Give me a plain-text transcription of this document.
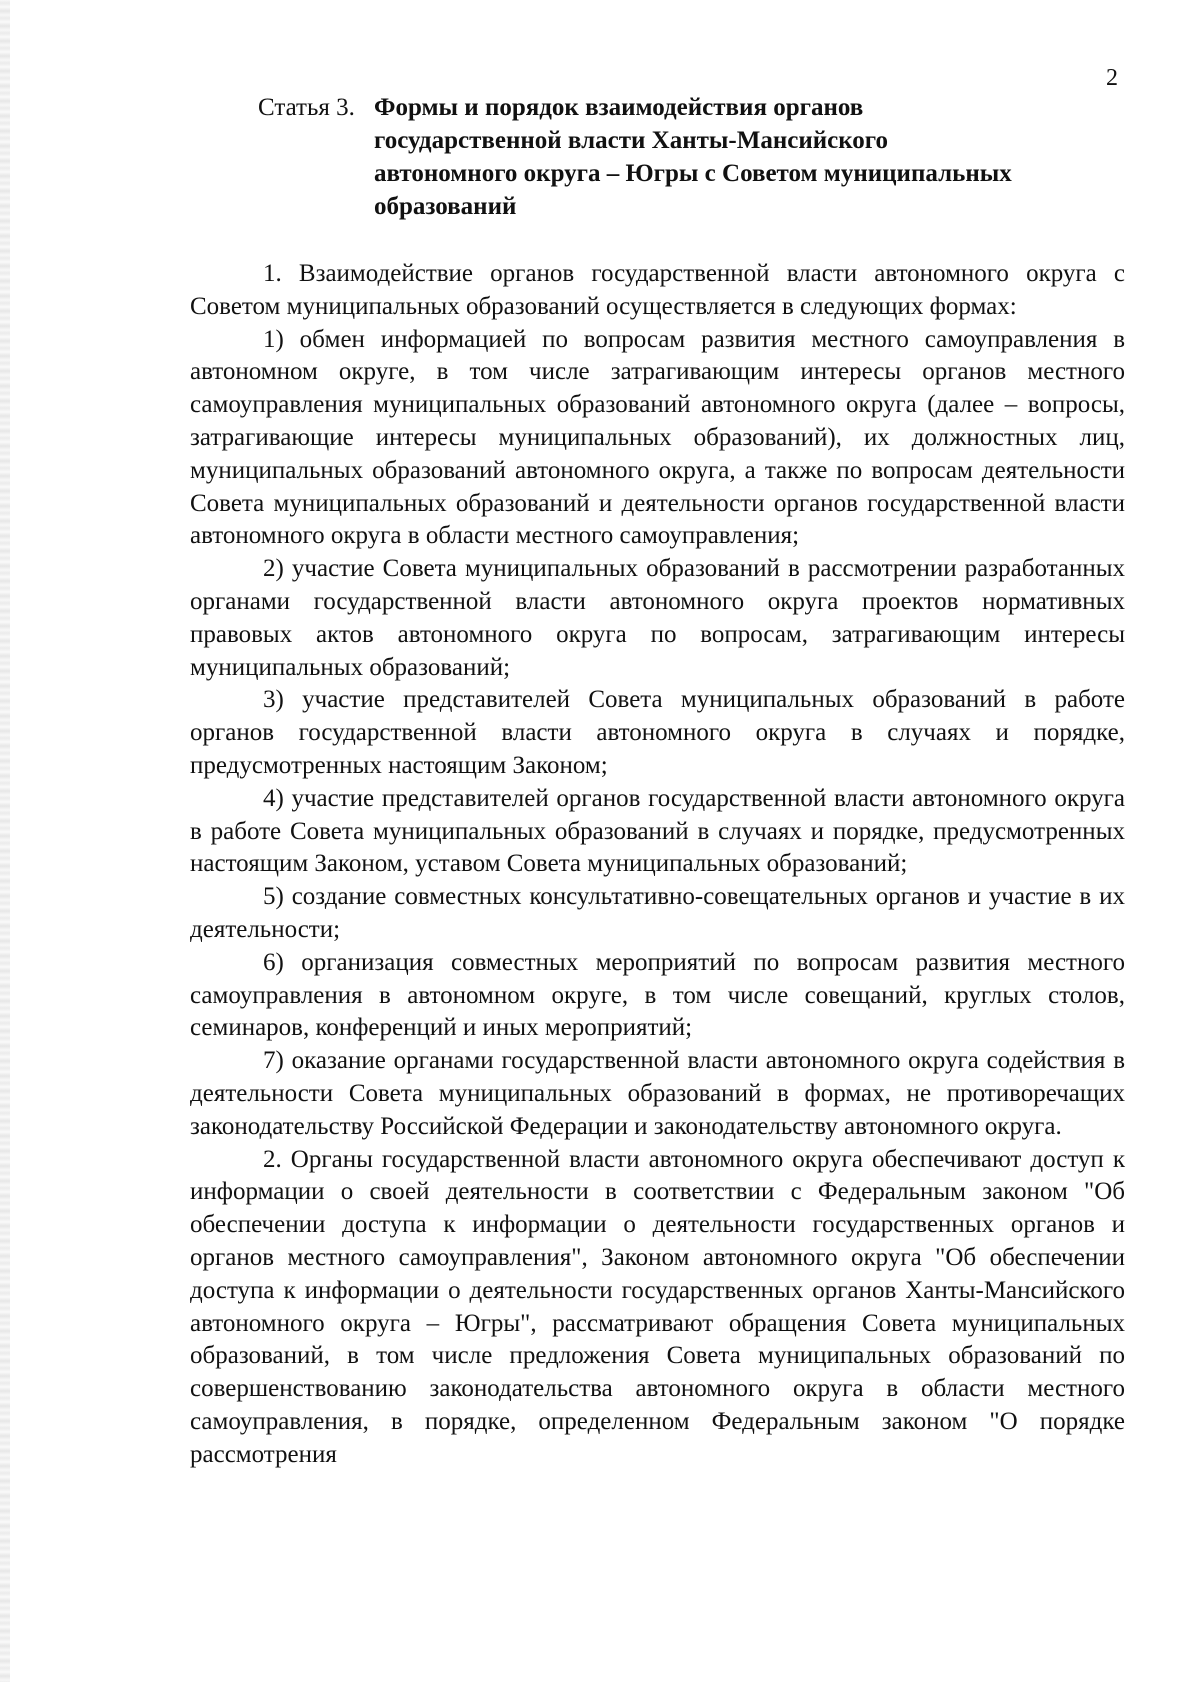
2
Статья 3. Формы и порядок взаимодействия органов
государственной власти Ханты-Мансийского
автономного округа – Югры с Советом муниципальных
образований

1. Взаимодействие органов государственной власти автономного округа с Советом муниципальных образований осуществляется в следующих формах:

1) обмен информацией по вопросам развития местного самоуправления в автономном округе, в том числе затрагивающим интересы органов местного самоуправления муниципальных образований автономного округа (далее – вопросы, затрагивающие интересы муниципальных образований), их должностных лиц, муниципальных образований автономного округа, а также по вопросам деятельности Совета муниципальных образований и деятельности органов государственной власти автономного округа в области местного самоуправления;

2) участие Совета муниципальных образований в рассмотрении разработанных органами государственной власти автономного округа проектов нормативных правовых актов автономного округа по вопросам, затрагивающим интересы муниципальных образований;

3) участие представителей Совета муниципальных образований в работе органов государственной власти автономного округа в случаях и порядке, предусмотренных настоящим Законом;

4) участие представителей органов государственной власти автономного округа в работе Совета муниципальных образований в случаях и порядке, предусмотренных настоящим Законом, уставом Совета муниципальных образований;

5) создание совместных консультативно-совещательных органов и участие в их деятельности;

6) организация совместных мероприятий по вопросам развития местного самоуправления в автономном округе, в том числе совещаний, круглых столов, семинаров, конференций и иных мероприятий;

7) оказание органами государственной власти автономного округа содействия в деятельности Совета муниципальных образований в формах, не противоречащих законодательству Российской Федерации и законодательству автономного округа.

2. Органы государственной власти автономного округа обеспечивают доступ к информации о своей деятельности в соответствии с Федеральным законом "Об обеспечении доступа к информации о деятельности государственных органов и органов местного самоуправления", Законом автономного округа "Об обеспечении доступа к информации о деятельности государственных органов Ханты-Мансийского автономного округа – Югры", рассматривают обращения Совета муниципальных образований, в том числе предложения Совета муниципальных образований по совершенствованию законодательства автономного округа в области местного самоуправления, в порядке, определенном Федеральным законом "О порядке рассмотрения
